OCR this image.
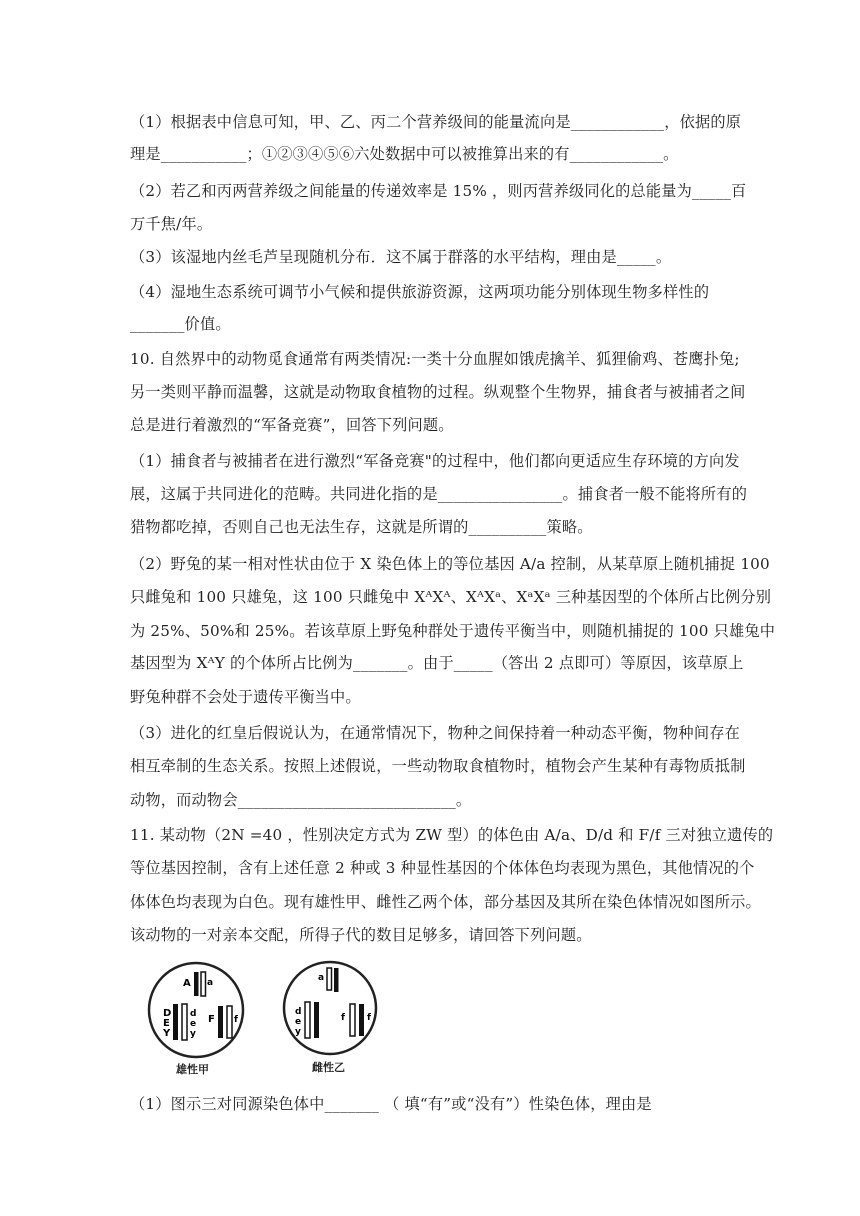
（1）根据表中信息可知，甲、乙、丙二个营养级间的能量流向是____________，依据的原
理是___________；①②③④⑤⑥六处数据中可以被推算出来的有____________。
（2）若乙和丙两营养级之间能量的传递效率是 15% ，则丙营养级同化的总能量为_____百
万千焦/年。
（3）该湿地内丝毛芦呈现随机分布．这不属于群落的水平结构，理由是_____。
（4）湿地生态系统可调节小气候和提供旅游资源，这两项功能分别体现生物多样性的
_______价值。
10. 自然界中的动物觅食通常有两类情况:一类十分血腥如饿虎擒羊、狐狸偷鸡、苍鹰扑兔;
另一类则平静而温馨，这就是动物取食植物的过程。纵观整个生物界，捕食者与被捕者之间
总是进行着激烈的“军备竞赛”，回答下列问题。
（1）捕食者与被捕者在进行激烈“军备竞赛"的过程中，他们都向更适应生存环境的方向发
展，这属于共同进化的范畴。共同进化指的是________________。捕食者一般不能将所有的
猎物都吃掉，否则自己也无法生存，这就是所谓的__________策略。
（2）野兔的某一相对性状由位于 X 染色体上的等位基因 A/a 控制，从某草原上随机捕捉 100
只雌兔和 100 只雄兔，这 100 只雌兔中 XᴬXᴬ、XᴬXᵃ、XᵃXᵃ 三种基因型的个体所占比例分别
为 25%、50%和 25%。若该草原上野兔种群处于遗传平衡当中，则随机捕捉的 100 只雄兔中
基因型为 XᴬY 的个体所占比例为_______。由于_____（答出 2 点即可）等原因，该草原上
野兔种群不会处于遗传平衡当中。
（3）进化的红皇后假说认为，在通常情况下，物种之间保持着一种动态平衡，物种间存在
相互牵制的生态关系。按照上述假说，一些动物取食植物时，植物会产生某种有毒物质抵制
动物，而动物会____________________________。
11. 某动物（2N =40 ，性别决定方式为 ZW 型）的体色由 A/a、D/d 和 F/f 三对独立遗传的
等位基因控制，含有上述任意 2 种或 3 种显性基因的个体体色均表现为黑色，其他情况的个
体体色均表现为白色。现有雄性甲、雌性乙两个体，部分基因及其所在染色体情况如图所示。
该动物的一对亲本交配，所得子代的数目足够多，请回答下列问题。
A a
D
E
Y
d
e
y
F f
雄性甲
a
d
e
y
f f
雌性乙
（1）图示三对同源染色体中_______ （ 填“有”或“没有”）性染色体，理由是
